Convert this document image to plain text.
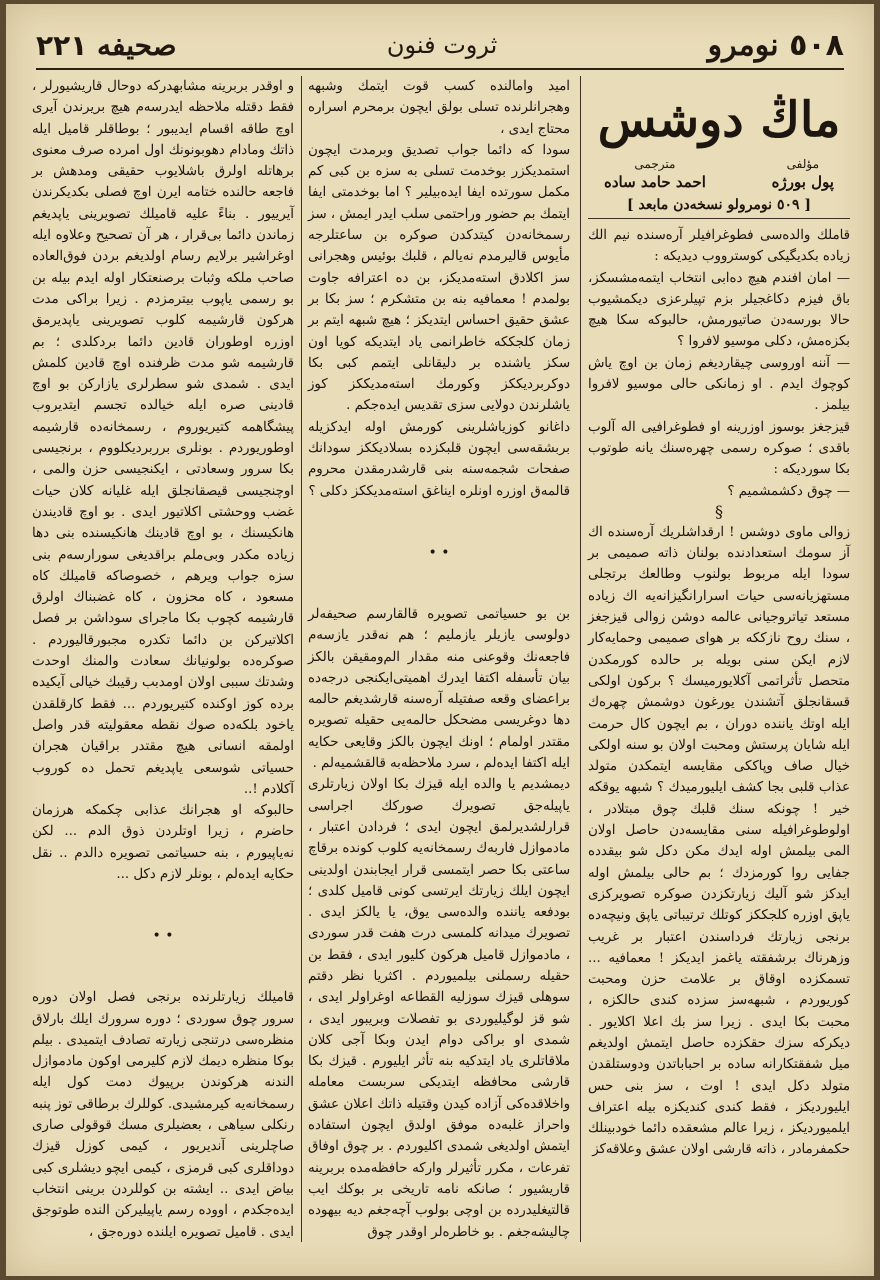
٥٠٨ نومرو
ثروت فنون
صحيفه ٢٢١
ماڭ دوشس
مؤلفی
پول بورژه
مترجمی
احمد حامد ساده
[ ٥٠٩ نومرولو نسخه‌دن مابعد ]

قاملك والده‌سی فطوغرافیلر آره‌سنده نیم الك زیاده بكدیگیكی كوسترووب دیدیكه :

— امان افندم هیچ ده‌ابی انتخاب ایتمه‌مشسكز، باق فیزم دكاغجیلر بزم تپیلرعزی دیكمشیوب حالا بورسه‌دن صاتیورمش، حالبوكه سكا هیچ بكزه‌مش، دكلی موسیو لافروا ؟

— آننه اوروسی چیقاردیغم زمان بن اوچ یاش كوچوك ایدم . او زمانكی حالی موسیو لافروا بیلمز .

قیزجغز بوسوز اوزرینه او فطوغرافیی اله آلوب باقدی ؛ صوكره رسمی چهره‌سنك یانه طوتوب بكا سوردیكه :

— چوق دكشمشمیم ؟

§

زوالی ماوی دوشس ! ارقداشلریك آره‌سنده اك آز سومك استعدادنده بولنان ذاته صمیمی بر سودا ایله مربوط بولنوب وطالعك برتجلی مستهزیانه‌سی حیات اسرارانگیزانه‌یه اك زیاده مستعد تیاتروجیانی عالمه دوشن زوالی قیزجغز ، سنك روح نازككه بر هوای صمیمی وحمایه‌كار لازم ایكن سنی بویله بر حالده كورمكدن متحصل تأثراتمی آكلایورمیسك ؟ بركون اولكی قسقانجلق آتشندن یورغون دوشمش چهره‌ك ایله اوتك یاننده دوران ، بم ایچون كال حرمت ایله شایان پرستش ومحبت اولان بو سنه اولكی خیال صاف وپاككی مقایسه ایتمكدن متولد عذاب قلبی بجا كشف ایلیورمیدك ؟ شبهه یوقكه خیر ! چونكه سنك قلبك چوق مبتلادر ، اولوطوغرافیله سنی مقایسه‌دن حاصل اولان المی بیلمش اوله‌ ایدك مكن دكل شو بیقدده جفایی روا كورمزدك ؛ بم حالی بیلمش اوله ایدكز شو آلیك زیارتكزدن صوكره تصویركزی یاپق اوزره كلجككز كوتلك ترتیباتی یاپق ونیچه‌ده برنجی زیارتك فرداسندن اعتبار بر غریب وزهرناك برشفقته یاغمز ایدیكز ! معمافیه ... تسمكزده اوقاق بر علامت حزن ومحبت كوریوردم ، شبهه‌سز سزده كندی حالكزه ، محبت بكا ایدی . زیرا سز بك اعلا اكلایور . دیكركه سزك حقكزده حاصل ایتمش اولدیغم میل شفقتكارانه ساده بر احباباتدن ودوستلقدن متولد دكل ایدی ! اوت ، سز بنی حس ایلیوردیكز ، فقط كندی كندیكزه بیله اعتراف ایلمیوردیكز ، زیرا عالم مشعقده دائما خودبینلك حكمفرمادر ، ذاته قارشی اولان عشق وعلاقه‌كز

امید وامالنده كسب قوت ایتمك وشبهه وهجرانلرنده تسلی بولق ایچون برمحرم اسراره محتاج ایدی ،

سودا كه دائما جواب تصدیق وبرمدت ایچون استمدیكزر بوخدمت تسلی به سزه بن كبی كم مكمل سورتده ایفا ایده‌بیلیر ؟ اما بوخدمتی ایفا ایتمك بم حضور وراحتمی سلب ایدر ایمش ، سز رسمخانه‌دن كیتدكدن صوكره بن ساعتلرجه مأیوس قالیرمدم نه‌یالم ، قلبك بوئیس وهجرانی سز اكلادق استه‌مدیكز، بن ده اعترافه جاوت بولمدم ! معمافیه بنه بن متشكرم ؛ سز بكا بر عشق حقیق احساس ایتدیكز ؛ هیچ شبهه ایتم بر زمان كلجككه خاطرانمی یاد ایتدیكه كویا اون سكز یاشنده بر دلیقانلی ایتمم كبی بكا دوكربردیككز وكورمك استه‌مدیككز كوز یاشلرندن دولایی سزی تقدیس ایده‌جكم .

داغانو كوزیاشلرینی كورمش اوله ایدكزیله بربشقه‌سی ایچون قلبكزده بسلادیككز سودانك صفحات شجمه‌سنه بنی قارشدرمقدن محروم قالمه‌ق اوزره اونلره ایناغق استه‌مدیككز دكلی ؟

• •

بن بو حسیاتمی تصویره قالقارسم صحیفه‌لر دولوسی یازیلر یازملیم ؛ هم نه‌قدر یازسه‌م فاجعه‌نك وقوعنی منه مقدار الم‌ومقیقن بالكز بیان تأسفله اكتفا ایدرك اهمیتی‌ایكنجی درجه‌ده براعضای وقعه صفتیله آره‌سنه قارشدیغم حالمه دها دوغریسی مضحكل حالمه‌یی حقیله تصویره مقتدر اولمام ؛ اونك ایچون بالكز وقایعی حكایه ایله اكتفا ایده‌لم ، سرد ملاحظه‌به قالقشمیه‌لم .

دیمشدیم یا والده ایله قیزك بكا اولان زیارتلری یاپیله‌جق تصویرك صوركك اجراسی قرارلشدیرلمق ایچون ایدی ؛ فردادن اعتبار ، مادموازل فاربه‌ك رسمخانه‌یه كلوب كونده برقاچ ساعتی بكا حصر ایتمسی قرار ایجابندن اولدینی ایچون ایلك زیارتك ایرتسی كونی قامیل كلدی ؛ بودفعه یاننده والده‌سی یوق، یا یالكز ایدی . تصویرك میدانه كلمسی درت هفت قدر سوردی ، مادموازل قامیل هركون كلیور ایدی ، فقط بن حقیله رسملنی بیلمیوردم . اكثریا نظر دقتم سوهلی قیزك سوزلیه القطاعه اوغراولر ایدی ، شو قز لوگیلیوردی بو تفصلات وبریبور ایدی ، شمدی او براكی دوام ایدن وبكا آجی كلان ملاقاتلری یاد ایتدكیه بنه تأثر ایلیورم . قیزك بكا قارشی محافظه ایتدیكی سربست معامله واخلاقده‌كی آزاده كیدن وقتیله ذاتك اعلان عشق واحراز غلبه‌ده موفق اولدق ایچون استفاده ایتمش اولدیغی شمدی اكلیوردم . بر چوق اوفاق تفرعات ، مكرر تأثیرلر واركه حافظه‌مده بربرینه قاریشیور ؛ صانكه نامه تاریخی بر بوكك ایب قالتیغلیدرده بن اوچی بولوب آچه‌جغم دیه بیهوده چالیشه‌جغم . بو خاطره‌لر اوقدر چوق

و اوقدر بربرینه مشابهدركه دوحال قاریشیورلر ، فقط دقتله ملاحظه ایدرسه‌م هیچ بریرندن آیری اوچ طاقه اقسام ایدیبور ؛ بوطاقلر قامیل ایله ذاتك ومادام دهوبونونك اول امرده صرف معنوی برهاتله اولرق باشلایوب حقیقی ومدهش بر فاجعه حالنده ختامه ایرن اوچ فصلی بكدیكرندن آیرییور . بناءً علیه قامیلك تصویرینی یاپدیغم زماندن دائما بی‌قرار ، هر آن تصحیح وعلاوه ایله اوغراشیر برلایم رسام اولدیغم بردن فوق‌العاده صاحب ملكه وثبات برصنعتكار اوله ایدم بیله بن بو رسمی یاپوب بیترمزدم . زیرا براكی مدت هركون قارشیمه كلوب تصویرینی یاپدیرمق اوزره اوطوران قادین دائما بردكلدی ؛ بم قارشیمه شو مدت ظرفنده اوچ قادین كلمش ایدی . شمدی شو سطرلری یازاركن بو اوچ قادینی صره ایله خیالده تجسم ایتدیروب پیشگاهمه كتیریوروم ، رسمخانه‌ده قارشیمه اوطوریوردم . بونلری برربردیكلووم ، برنجیسی بكا سرور وسعادتی ، ایكنجیسی حزن والمی ، اوچنجیسی قیصقانجلق ایله غلیانه كلان حیات غضب ووحشتی اكلاتیور ایدی . بو اوچ قادیندن هانكیسنك ، بو اوچ قادینك هانكیسنده بنی دها زیاده مكدر وبی‌ملم براقدیغی سورارسه‌م بنی سزه جواب ویرهم ، خصوصاكه قامیلك كاه مسعود ، كاه محزون ، كاه غضبناك اولرق قارشیمه كچوب بكا ماجرای سوداشن بر فصل اكلاتیركن بن دائما تكدره مجبورقالیوردم . صوكره‌ده بولونیانك سعادت والمنك اوحدت وشدتك سببی اولان اومدبب رقیبك خیالی آیكیده برده كوز اوكنده كتیریوردم ... فقط كارقلقدن یاخود بلكه‌ده صوك نقطه معقولیته قدر واصل اولمقه انسانی هیچ مقتدر براقیان هجران حسیاتی شوسعی یاپدیغم تحمل ده كوروب آكلادم !..

حالبوكه او هجرانك عذابی چكمكه هرزمان حاضرم ، زیرا اوتلردن ذوق الدم ... لكن نه‌یاپیورم ، بنه حسیاتمی تصویره دالدم .. نقل حكایه ایده‌لم ، بونلر لازم دكل ...

• •

قامیلك زیارتلرنده برنجی فصل اولان دوره سرور چوق سوردی ؛ دوره سرورك ایلك بارلاق منظره‌سی درتنجی زیارته تصادف ایتمیدی . بیلم بوكا منظره دیمك لازم كلیرمی اوكون مادموازل الندنه هركوندن برپیوك دمت كول ایله رسمخانه‌یه كیرمشیدی. كوللرك برطاقی توز پنبه رنكلی سیاهی ، بعضیلری مسك قوقولی صاری صاچلرینی آندیریور ، كیمی كوزل قیزك دوداقلری كبی قرمزی ، كیمی ایچو دیشلری كبی بیاض ایدی .. ایشته بن كوللردن برینی انتخاب ایده‌جكدم ، اووده رسم یاپیلیركن النده طوتوجق ایدی . قامیل تصویره ایلنده دوره‌جق ،
